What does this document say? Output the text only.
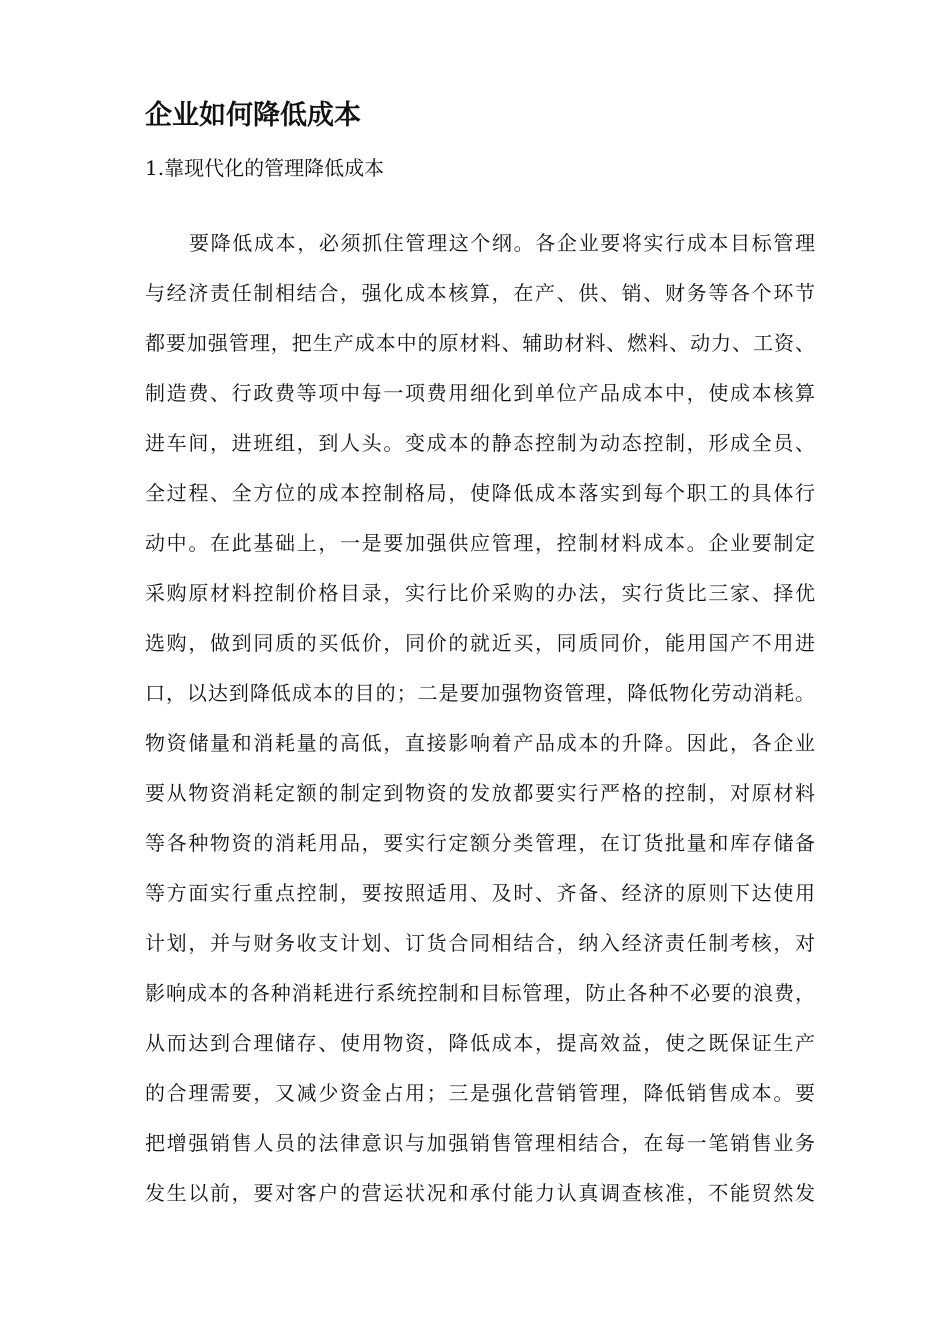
企业如何降低成本
1.靠现代化的管理降低成本
要降低成本，必须抓住管理这个纲。各企业要将实行成本目标管理
与经济责任制相结合，强化成本核算，在产、供、销、财务等各个环节
都要加强管理，把生产成本中的原材料、辅助材料、燃料、动力、工资、
制造费、行政费等项中每一项费用细化到单位产品成本中，使成本核算
进车间，进班组，到人头。变成本的静态控制为动态控制，形成全员、
全过程、全方位的成本控制格局，使降低成本落实到每个职工的具体行
动中。在此基础上，一是要加强供应管理，控制材料成本。企业要制定
采购原材料控制价格目录，实行比价采购的办法，实行货比三家、择优
选购，做到同质的买低价，同价的就近买，同质同价，能用国产不用进
口，以达到降低成本的目的；二是要加强物资管理，降低物化劳动消耗。
物资储量和消耗量的高低，直接影响着产品成本的升降。因此，各企业
要从物资消耗定额的制定到物资的发放都要实行严格的控制，对原材料
等各种物资的消耗用品，要实行定额分类管理，在订货批量和库存储备
等方面实行重点控制，要按照适用、及时、齐备、经济的原则下达使用
计划，并与财务收支计划、订货合同相结合，纳入经济责任制考核，对
影响成本的各种消耗进行系统控制和目标管理，防止各种不必要的浪费，
从而达到合理储存、使用物资，降低成本，提高效益，使之既保证生产
的合理需要，又减少资金占用；三是强化营销管理，降低销售成本。要
把增强销售人员的法律意识与加强销售管理相结合，在每一笔销售业务
发生以前，要对客户的营运状况和承付能力认真调查核准，不能贸然发
